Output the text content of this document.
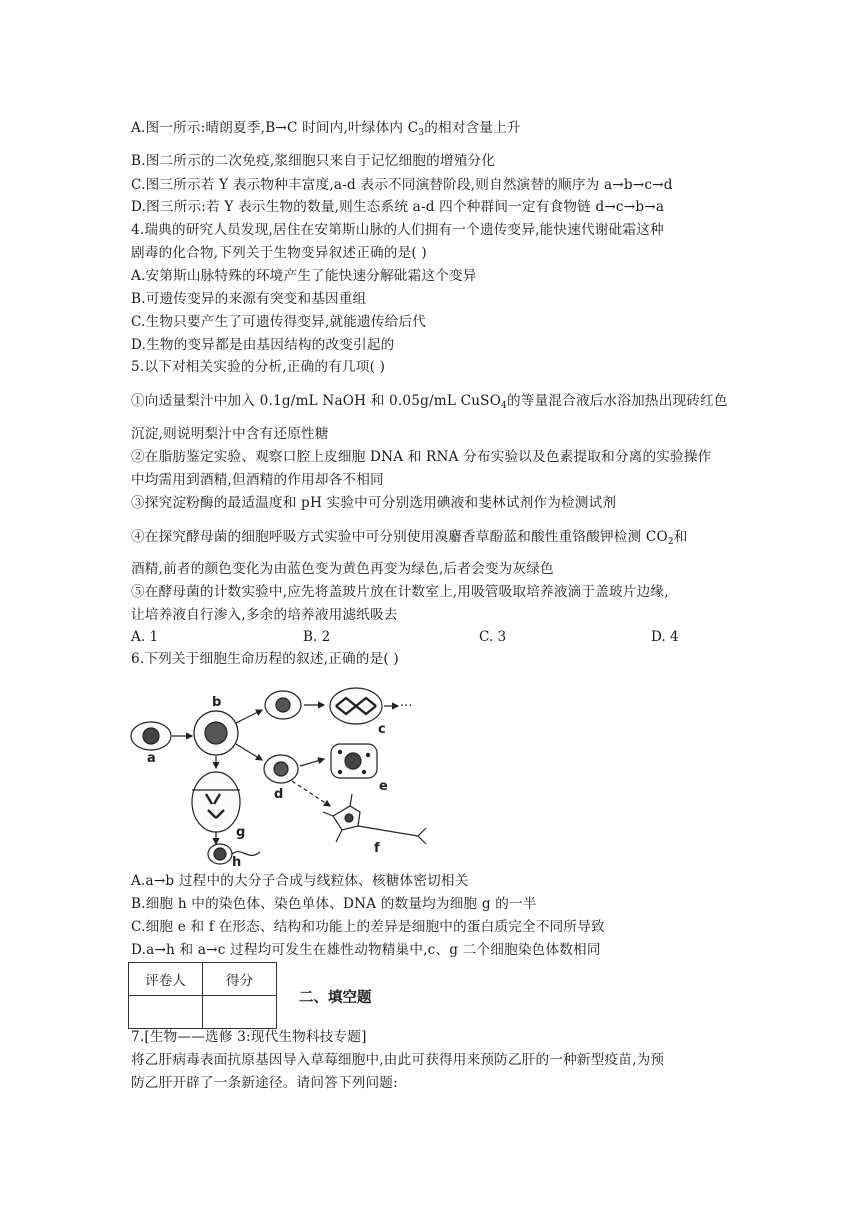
A.图一所示:晴朗夏季,B→C 时间内,叶绿体内 $C_3$的相对含量上升
B.图二所示的二次免疫,浆细胞只来自于记忆细胞的增殖分化
C.图三所示若 Y 表示物种丰富度,a-d 表示不同演替阶段,则自然演替的顺序为 a→b→c→d
D.图三所示:若 Y 表示生物的数量,则生态系统 a-d 四个种群间一定有食物链 d→c→b→a
4.瑞典的研究人员发现,居住在安第斯山脉的人们拥有一个遗传变异,能快速代谢砒霜这种
剧毒的化合物,下列关于生物变异叙述正确的是( )
A.安第斯山脉特殊的环境产生了能快速分解砒霜这个变异
B.可遗传变异的来源有突变和基因重组
C.生物只要产生了可遗传得变异,就能遗传给后代
D.生物的变异都是由基因结构的改变引起的
5.以下对相关实验的分析,正确的有几项( )
①向适量梨汁中加入 0.1g/mL NaOH 和 0.05g/mL CuSO$_4$的等量混合液后水浴加热出现砖红色
沉淀,则说明梨汁中含有还原性糖
②在脂肪鉴定实验、观察口腔上皮细胞 DNA 和 RNA 分布实验以及色素提取和分离的实验操作
中均需用到酒精,但酒精的作用却各不相同
③探究淀粉酶的最适温度和 pH 实验中可分别选用碘液和斐林试剂作为检测试剂
④在探究酵母菌的细胞呼吸方式实验中可分别使用溴麝香草酚蓝和酸性重铬酸钾检测 $CO_2$和
酒精,前者的颜色变化为由蓝色变为黄色再变为绿色,后者会变为灰绿色
⑤在酵母菌的计数实验中,应先将盖玻片放在计数室上,用吸管吸取培养液滴于盖玻片边缘,
让培养液自行渗入,多余的培养液用滤纸吸去
A. 1	B. 2	C. 3	D. 4
6.下列关于细胞生命历程的叙述,正确的是( )
a
b
c
d
e
f
g
h
···
A.a→b 过程中的大分子合成与线粒体、核糖体密切相关
B.细胞 h 中的染色体、染色单体、DNA 的数量均为细胞 g 的一半
C.细胞 e 和 f 在形态、结构和功能上的差异是细胞中的蛋白质完全不同所导致
D.a→h 和 a→c 过程均可发生在雄性动物精巢中,c、g 二个细胞染色体数相同
评卷人	得分

二、填空题
7.[生物——选修 3:现代生物科技专题]
将乙肝病毒表面抗原基因导入草莓细胞中,由此可获得用来预防乙肝的一种新型疫苗,为预
防乙肝开辟了一条新途径。请问答下列问题:
